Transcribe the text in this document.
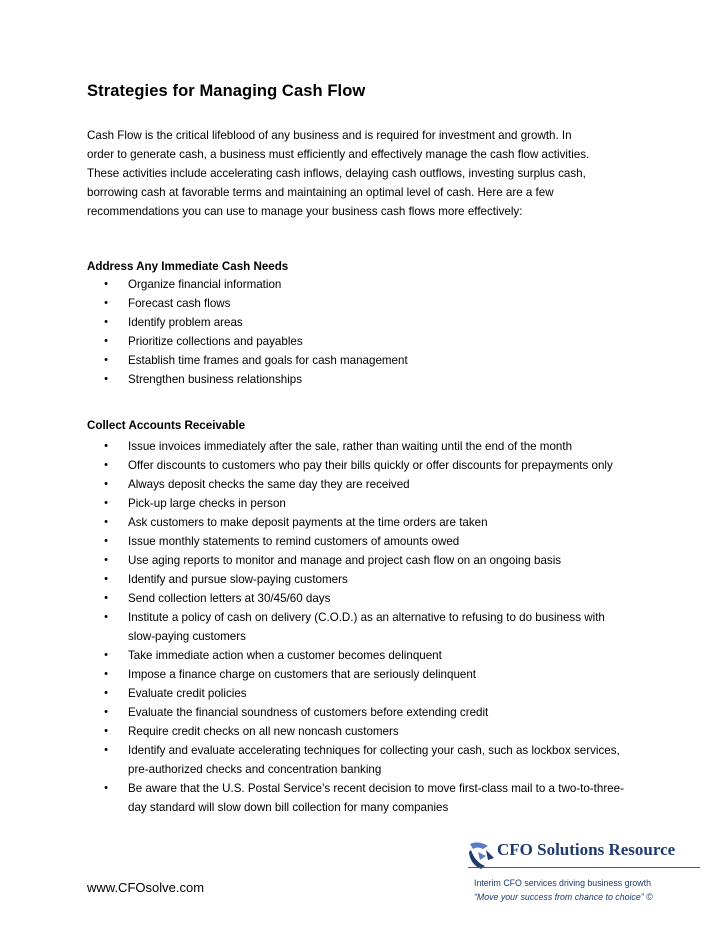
Strategies for Managing Cash Flow
Cash Flow is the critical lifeblood of any business and is required for investment and growth. In
order to generate cash, a business must efficiently and effectively manage the cash flow activities.
These activities include accelerating cash inflows, delaying cash outflows, investing surplus cash,
borrowing cash at favorable terms and maintaining an optimal level of cash. Here are a few
recommendations you can use to manage your business cash flows more effectively:
Address Any Immediate Cash Needs
• Organize financial information
• Forecast cash flows
• Identify problem areas
• Prioritize collections and payables
• Establish time frames and goals for cash management
• Strengthen business relationships
Collect Accounts Receivable
• Issue invoices immediately after the sale, rather than waiting until the end of the month
• Offer discounts to customers who pay their bills quickly or offer discounts for prepayments only
• Always deposit checks the same day they are received
• Pick-up large checks in person
• Ask customers to make deposit payments at the time orders are taken
• Issue monthly statements to remind customers of amounts owed
• Use aging reports to monitor and manage and project cash flow on an ongoing basis
• Identify and pursue slow-paying customers
• Send collection letters at 30/45/60 days
• Institute a policy of cash on delivery (C.O.D.) as an alternative to refusing to do business with
slow-paying customers
• Take immediate action when a customer becomes delinquent
• Impose a finance charge on customers that are seriously delinquent
• Evaluate credit policies
• Evaluate the financial soundness of customers before extending credit
• Require credit checks on all new noncash customers
• Identify and evaluate accelerating techniques for collecting your cash, such as lockbox services,
pre-authorized checks and concentration banking
• Be aware that the U.S. Postal Service’s recent decision to move first-class mail to a two-to-three-
day standard will slow down bill collection for many companies
www.CFOsolve.com
CFO Solutions Resource
Interim CFO services driving business growth
“Move your success from chance to choice” ©
